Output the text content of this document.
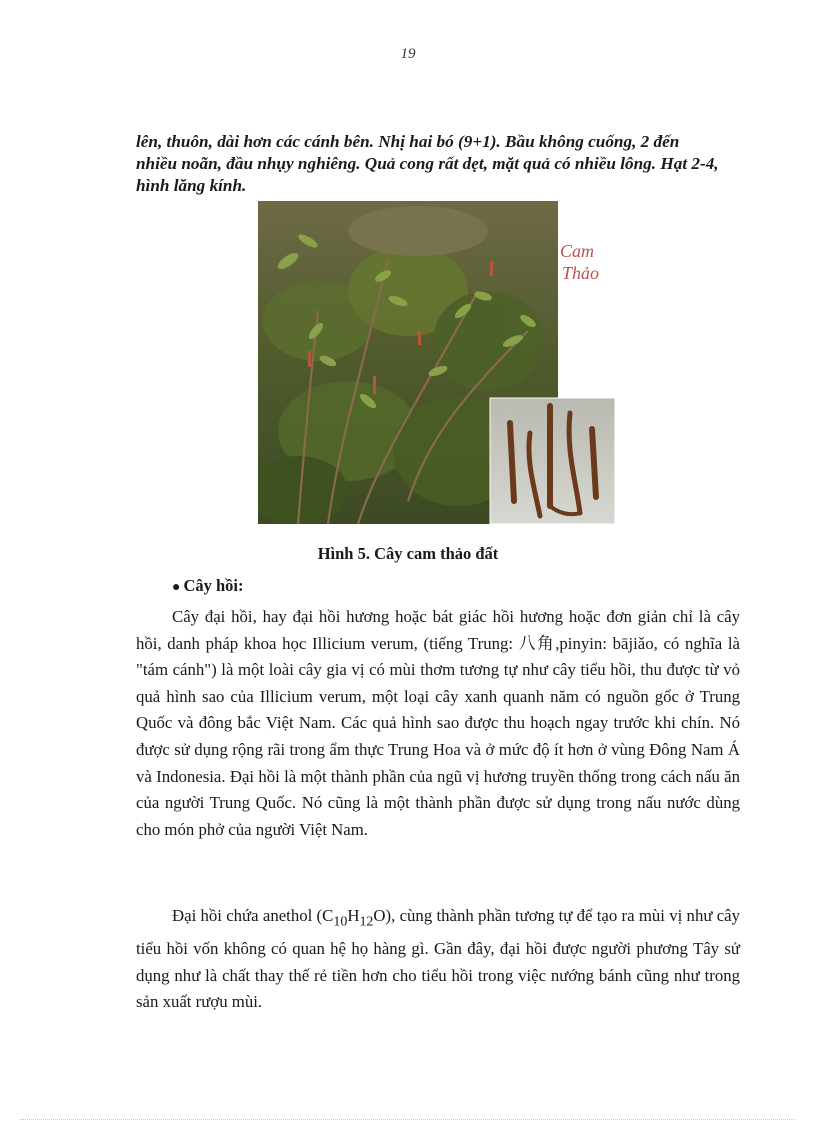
19

lên, thuôn, dài hơn các cánh bên. Nhị hai bó (9+1). Bầu không cuống, 2 đến nhiều noãn, đầu nhụy nghiêng. Quả cong rất dẹt, mặt quả có nhiều lông. Hạt 2-4, hình lăng kính.

Cam
Thảo

Hình 5. Cây cam thảo đất

● Cây hồi:

Cây đại hồi, hay đại hồi hương hoặc bát giác hồi hương hoặc đơn giản chỉ là cây hồi, danh pháp khoa học Illicium verum, (tiếng Trung: 八角,pinyin: bājiǎo, có nghĩa là "tám cánh") là một loài cây gia vị có mùi thơm tương tự như cây tiểu hồi, thu được từ vỏ quả hình sao của Illicium verum, một loại cây xanh quanh năm có nguồn gốc ở Trung Quốc và đông bắc Việt Nam. Các quả hình sao được thu hoạch ngay trước khi chín. Nó được sử dụng rộng rãi trong ẩm thực Trung Hoa và ở mức độ ít hơn ở vùng Đông Nam Á và Indonesia. Đại hồi là một thành phần của ngũ vị hương truyền thống trong cách nấu ăn của người Trung Quốc. Nó cũng là một thành phần được sử dụng trong nấu nước dùng cho món phở của người Việt Nam.

Đại hồi chứa anethol $(C_{10}H_{12}O)$, cùng thành phần tương tự để tạo ra mùi vị như cây tiểu hồi vốn không có quan hệ họ hàng gì. Gần đây, đại hồi được người phương Tây sử dụng như là chất thay thế rẻ tiền hơn cho tiểu hồi trong việc nướng bánh cũng như trong sản xuất rượu mùi.
